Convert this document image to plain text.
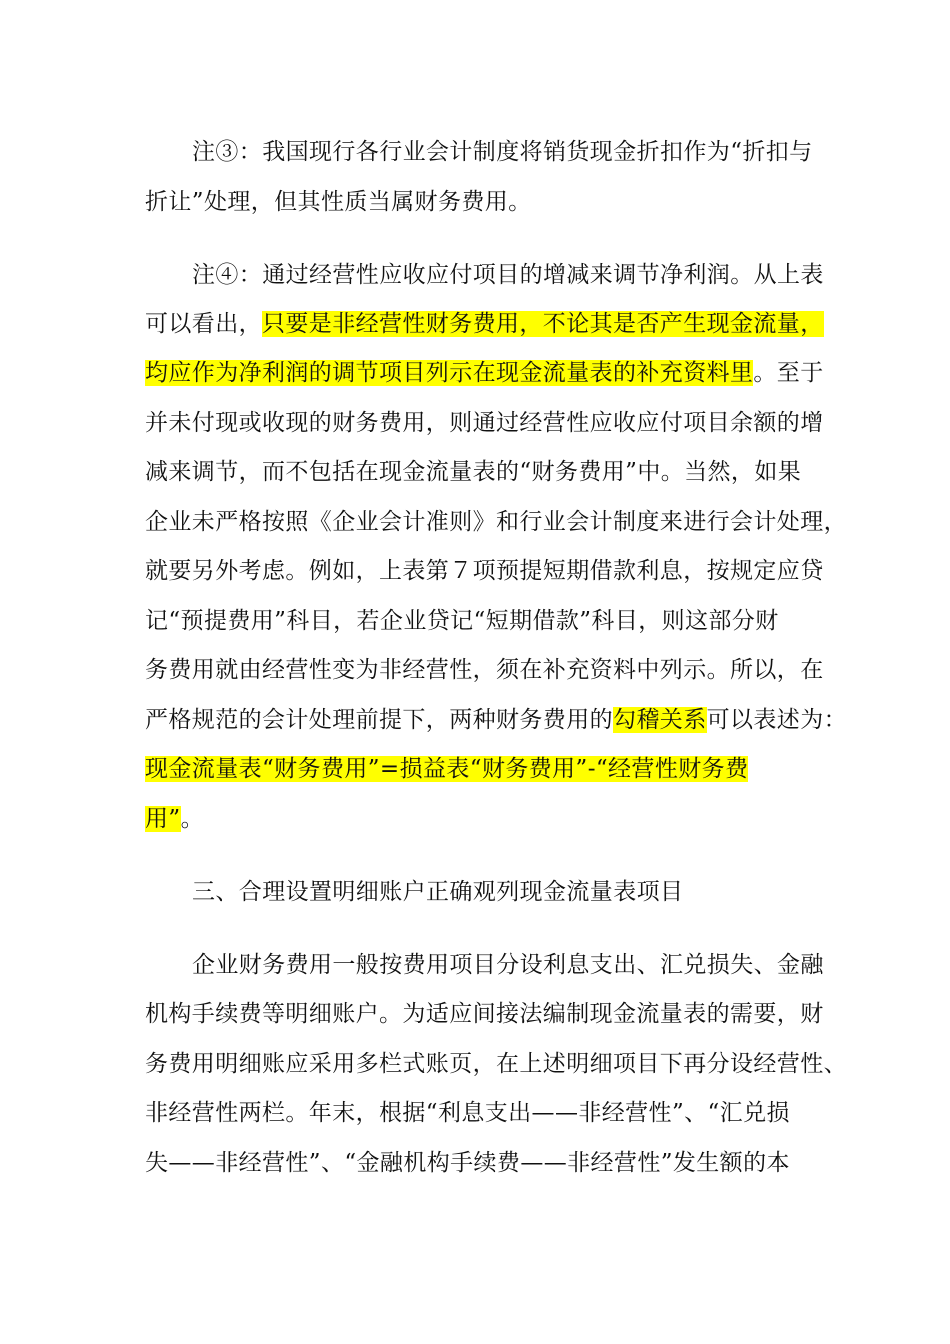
注③：我国现行各行业会计制度将销货现金折扣作为“折扣与
折让”处理，但其性质当属财务费用。
注④：通过经营性应收应付项目的增减来调节净利润。从上表
可以看出，只要是非经营性财务费用，不论其是否产生现金流量，
均应作为净利润的调节项目列示在现金流量表的补充资料里。至于
并未付现或收现的财务费用，则通过经营性应收应付项目余额的增
减来调节，而不包括在现金流量表的“财务费用”中。当然，如果
企业未严格按照《企业会计准则》和行业会计制度来进行会计处理，
就要另外考虑。例如，上表第７项预提短期借款利息，按规定应贷
记“预提费用”科目，若企业贷记“短期借款”科目，则这部分财
务费用就由经营性变为非经营性，须在补充资料中列示。所以，在
严格规范的会计处理前提下，两种财务费用的勾稽关系可以表述为：
现金流量表“财务费用”=损益表“财务费用”-“经营性财务费
用”。
三、合理设置明细账户正确观列现金流量表项目
企业财务费用一般按费用项目分设利息支出、汇兑损失、金融
机构手续费等明细账户。为适应间接法编制现金流量表的需要，财
务费用明细账应采用多栏式账页，在上述明细项目下再分设经营性、
非经营性两栏。年末，根据“利息支出——非经营性”、“汇兑损
失——非经营性”、“金融机构手续费——非经营性”发生额的本
